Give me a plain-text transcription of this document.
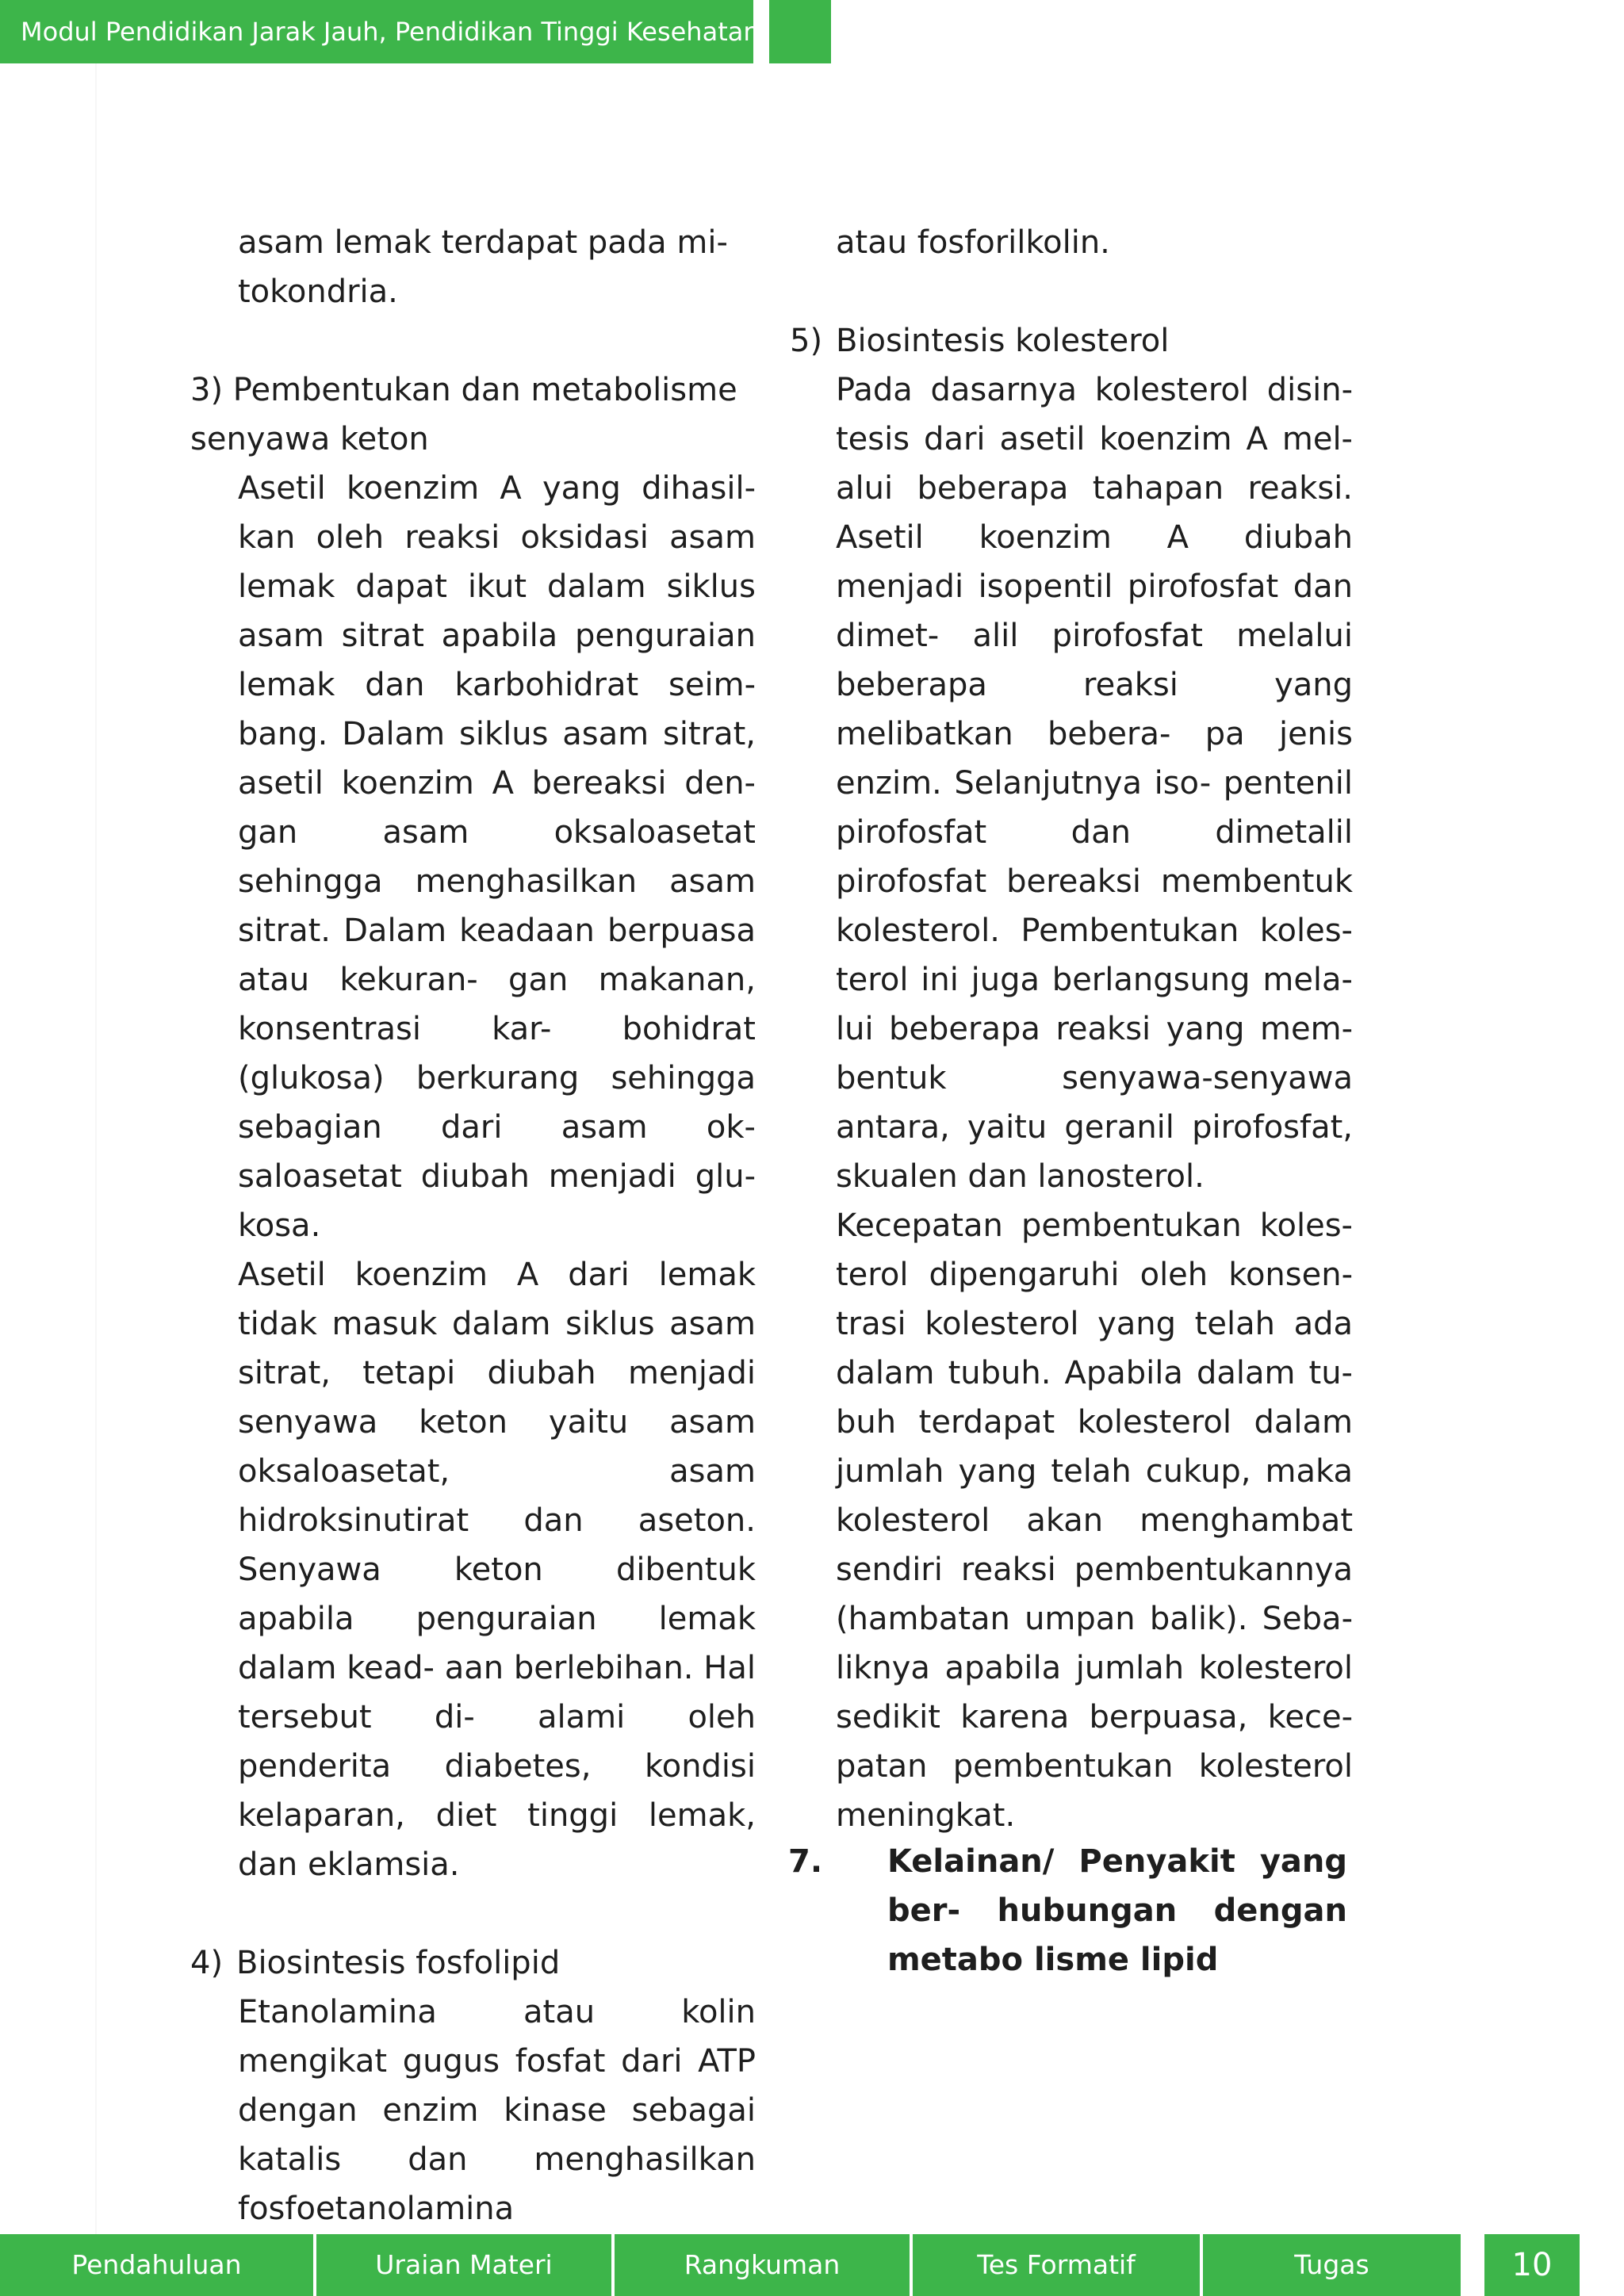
Modul Pendidikan Jarak Jauh, Pendidikan Tinggi Kesehatan

asam lemak terdapat pada mi-

tokondria.

3) Pembentukan dan metabolisme

senyawa keton

Asetil koenzim A yang dihasil- kan oleh reaksi oksidasi asam lemak dapat ikut dalam siklus asam sitrat apabila penguraian lemak dan karbohidrat seim- bang. Dalam siklus asam sitrat, asetil koenzim A bereaksi den- gan asam oksaloasetat sehingga menghasilkan asam sitrat. Dalam keadaan berpuasa atau kekuran- gan makanan, konsentrasi kar- bohidrat (glukosa) berkurang sehingga sebagian dari asam ok- saloasetat diubah menjadi glu- kosa.

Asetil koenzim A dari lemak tidak masuk dalam siklus asam sitrat, tetapi diubah menjadi senyawa keton yaitu asam oksaloasetat, asam hidroksinutirat dan aseton. Senyawa keton dibentuk apabila penguraian lemak dalam kead- aan berlebihan. Hal tersebut di- alami oleh penderita diabetes, kondisi kelaparan, diet tinggi lemak, dan eklamsia.

4) Biosintesis fosfolipid

Etanolamina atau kolin mengikat gugus fosfat dari ATP dengan enzim kinase sebagai katalis dan menghasilkan fosfoetanolamina

atau fosforilkolin.

5) Biosintesis kolesterol

Pada dasarnya kolesterol disin- tesis dari asetil koenzim A mel- alui beberapa tahapan reaksi. Asetil koenzim A diubah menjadi isopentil pirofosfat dan dimet- alil pirofosfat melalui beberapa reaksi yang melibatkan bebera- pa jenis enzim. Selanjutnya iso- pentenil pirofosfat dan dimetalil pirofosfat bereaksi membentuk kolesterol. Pembentukan koles- terol ini juga berlangsung mela- lui beberapa reaksi yang mem- bentuk senyawa-senyawa antara, yaitu geranil pirofosfat, skualen dan lanosterol.

Kecepatan pembentukan koles- terol dipengaruhi oleh konsen- trasi kolesterol yang telah ada dalam tubuh. Apabila dalam tu- buh terdapat kolesterol dalam jumlah yang telah cukup, maka kolesterol akan menghambat sendiri reaksi pembentukannya (hambatan umpan balik). Seba- liknya apabila jumlah kolesterol sedikit karena berpuasa, kece- patan pembentukan kolesterol meningkat.

7. Kelainan/ Penyakit yang ber- hubungan dengan metabo lisme lipid
Pendahuluan	Uraian Materi	Rangkuman	Tes Formatif	Tugas	10
